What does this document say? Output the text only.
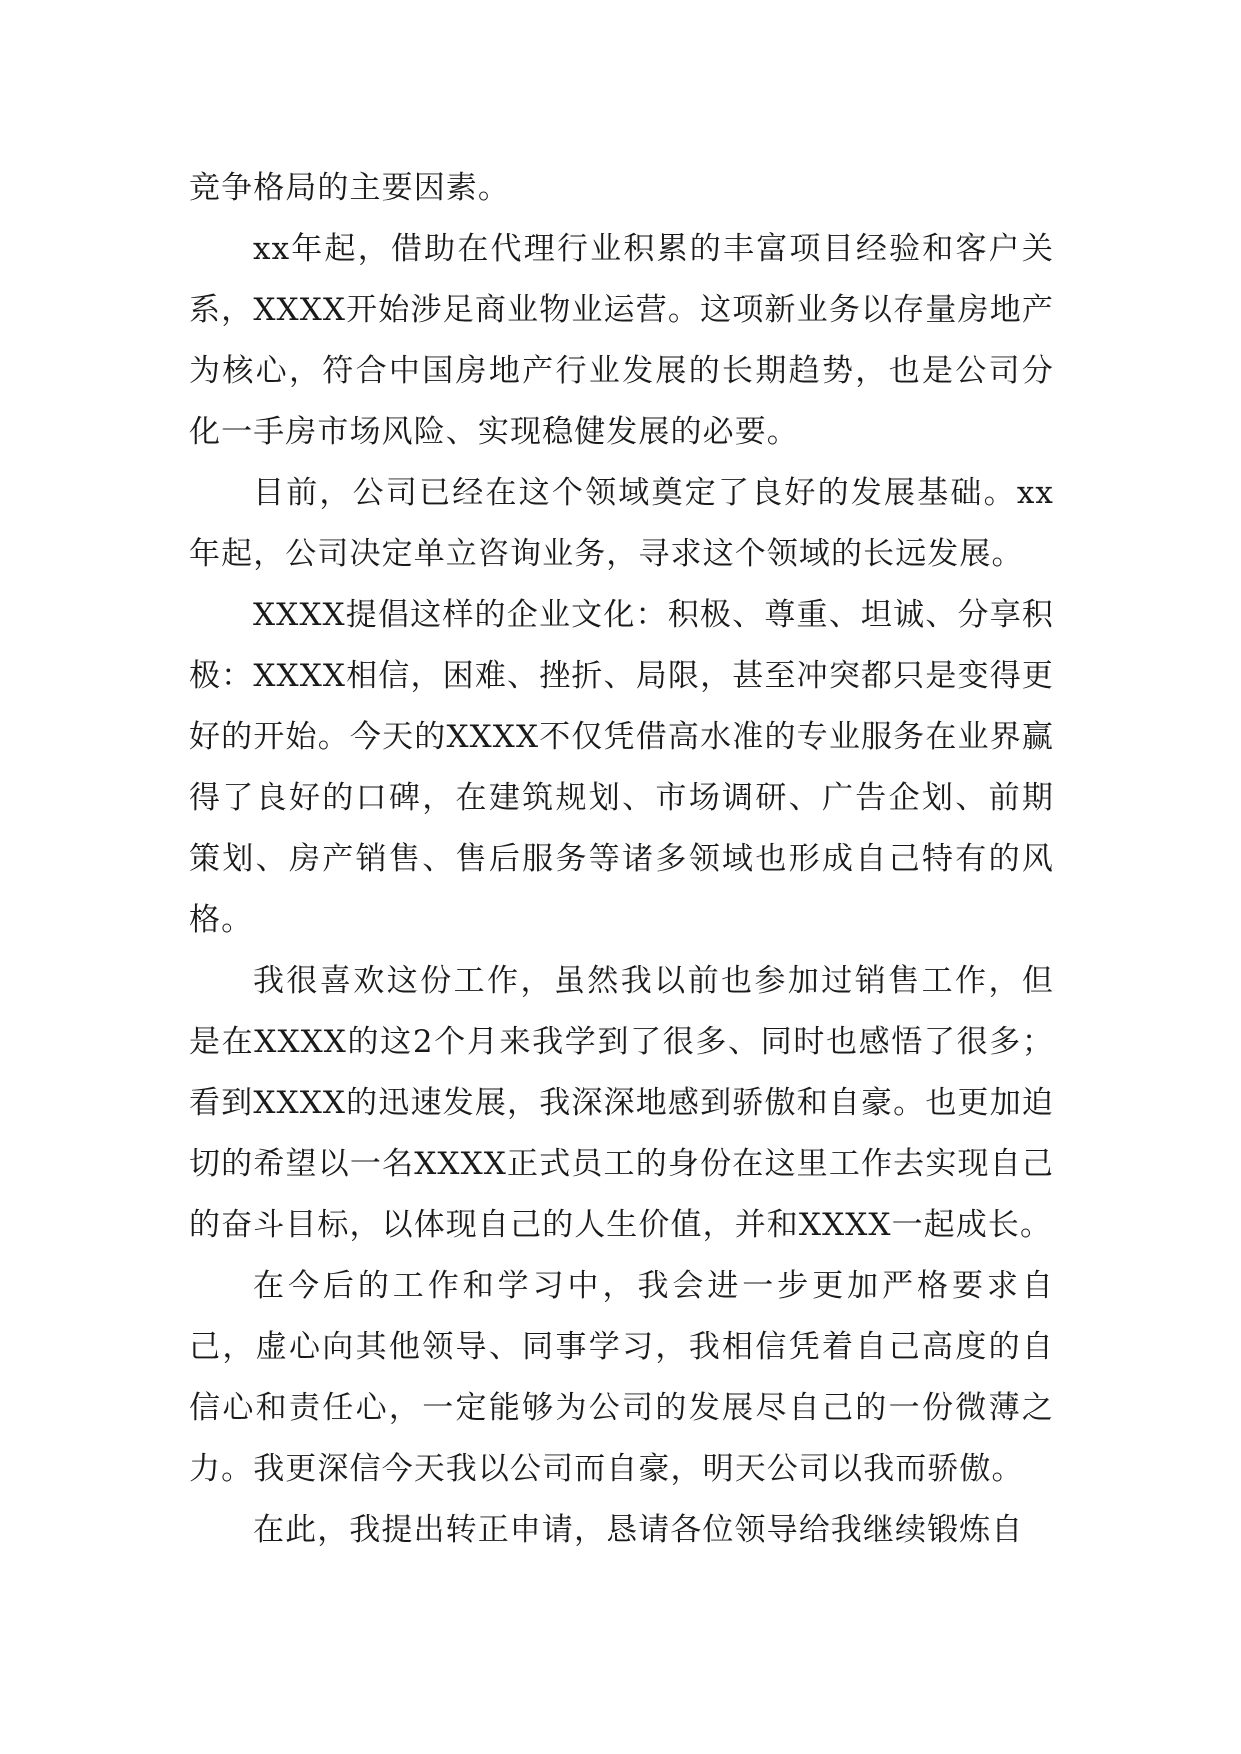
竞争格局的主要因素。

xx年起，借助在代理行业积累的丰富项目经验和客户关系，XXXX开始涉足商业物业运营。这项新业务以存量房地产为核心，符合中国房地产行业发展的长期趋势，也是公司分化一手房市场风险、实现稳健发展的必要。

目前，公司已经在这个领域奠定了良好的发展基础。xx年起，公司决定单立咨询业务，寻求这个领域的长远发展。

XXXX提倡这样的企业文化：积极、尊重、坦诚、分享积极：XXXX相信，困难、挫折、局限，甚至冲突都只是变得更好的开始。今天的XXXX不仅凭借高水准的专业服务在业界赢得了良好的口碑，在建筑规划、市场调研、广告企划、前期策划、房产销售、售后服务等诸多领域也形成自己特有的风格。

我很喜欢这份工作，虽然我以前也参加过销售工作，但是在XXXX的这2个月来我学到了很多、同时也感悟了很多；看到XXXX的迅速发展，我深深地感到骄傲和自豪。也更加迫切的希望以一名XXXX正式员工的身份在这里工作去实现自己的奋斗目标，以体现自己的人生价值，并和XXXX一起成长。

在今后的工作和学习中，我会进一步更加严格要求自己，虚心向其他领导、同事学习，我相信凭着自己高度的自信心和责任心，一定能够为公司的发展尽自己的一份微薄之力。我更深信今天我以公司而自豪，明天公司以我而骄傲。

在此，我提出转正申请，恳请各位领导给我继续锻炼自
